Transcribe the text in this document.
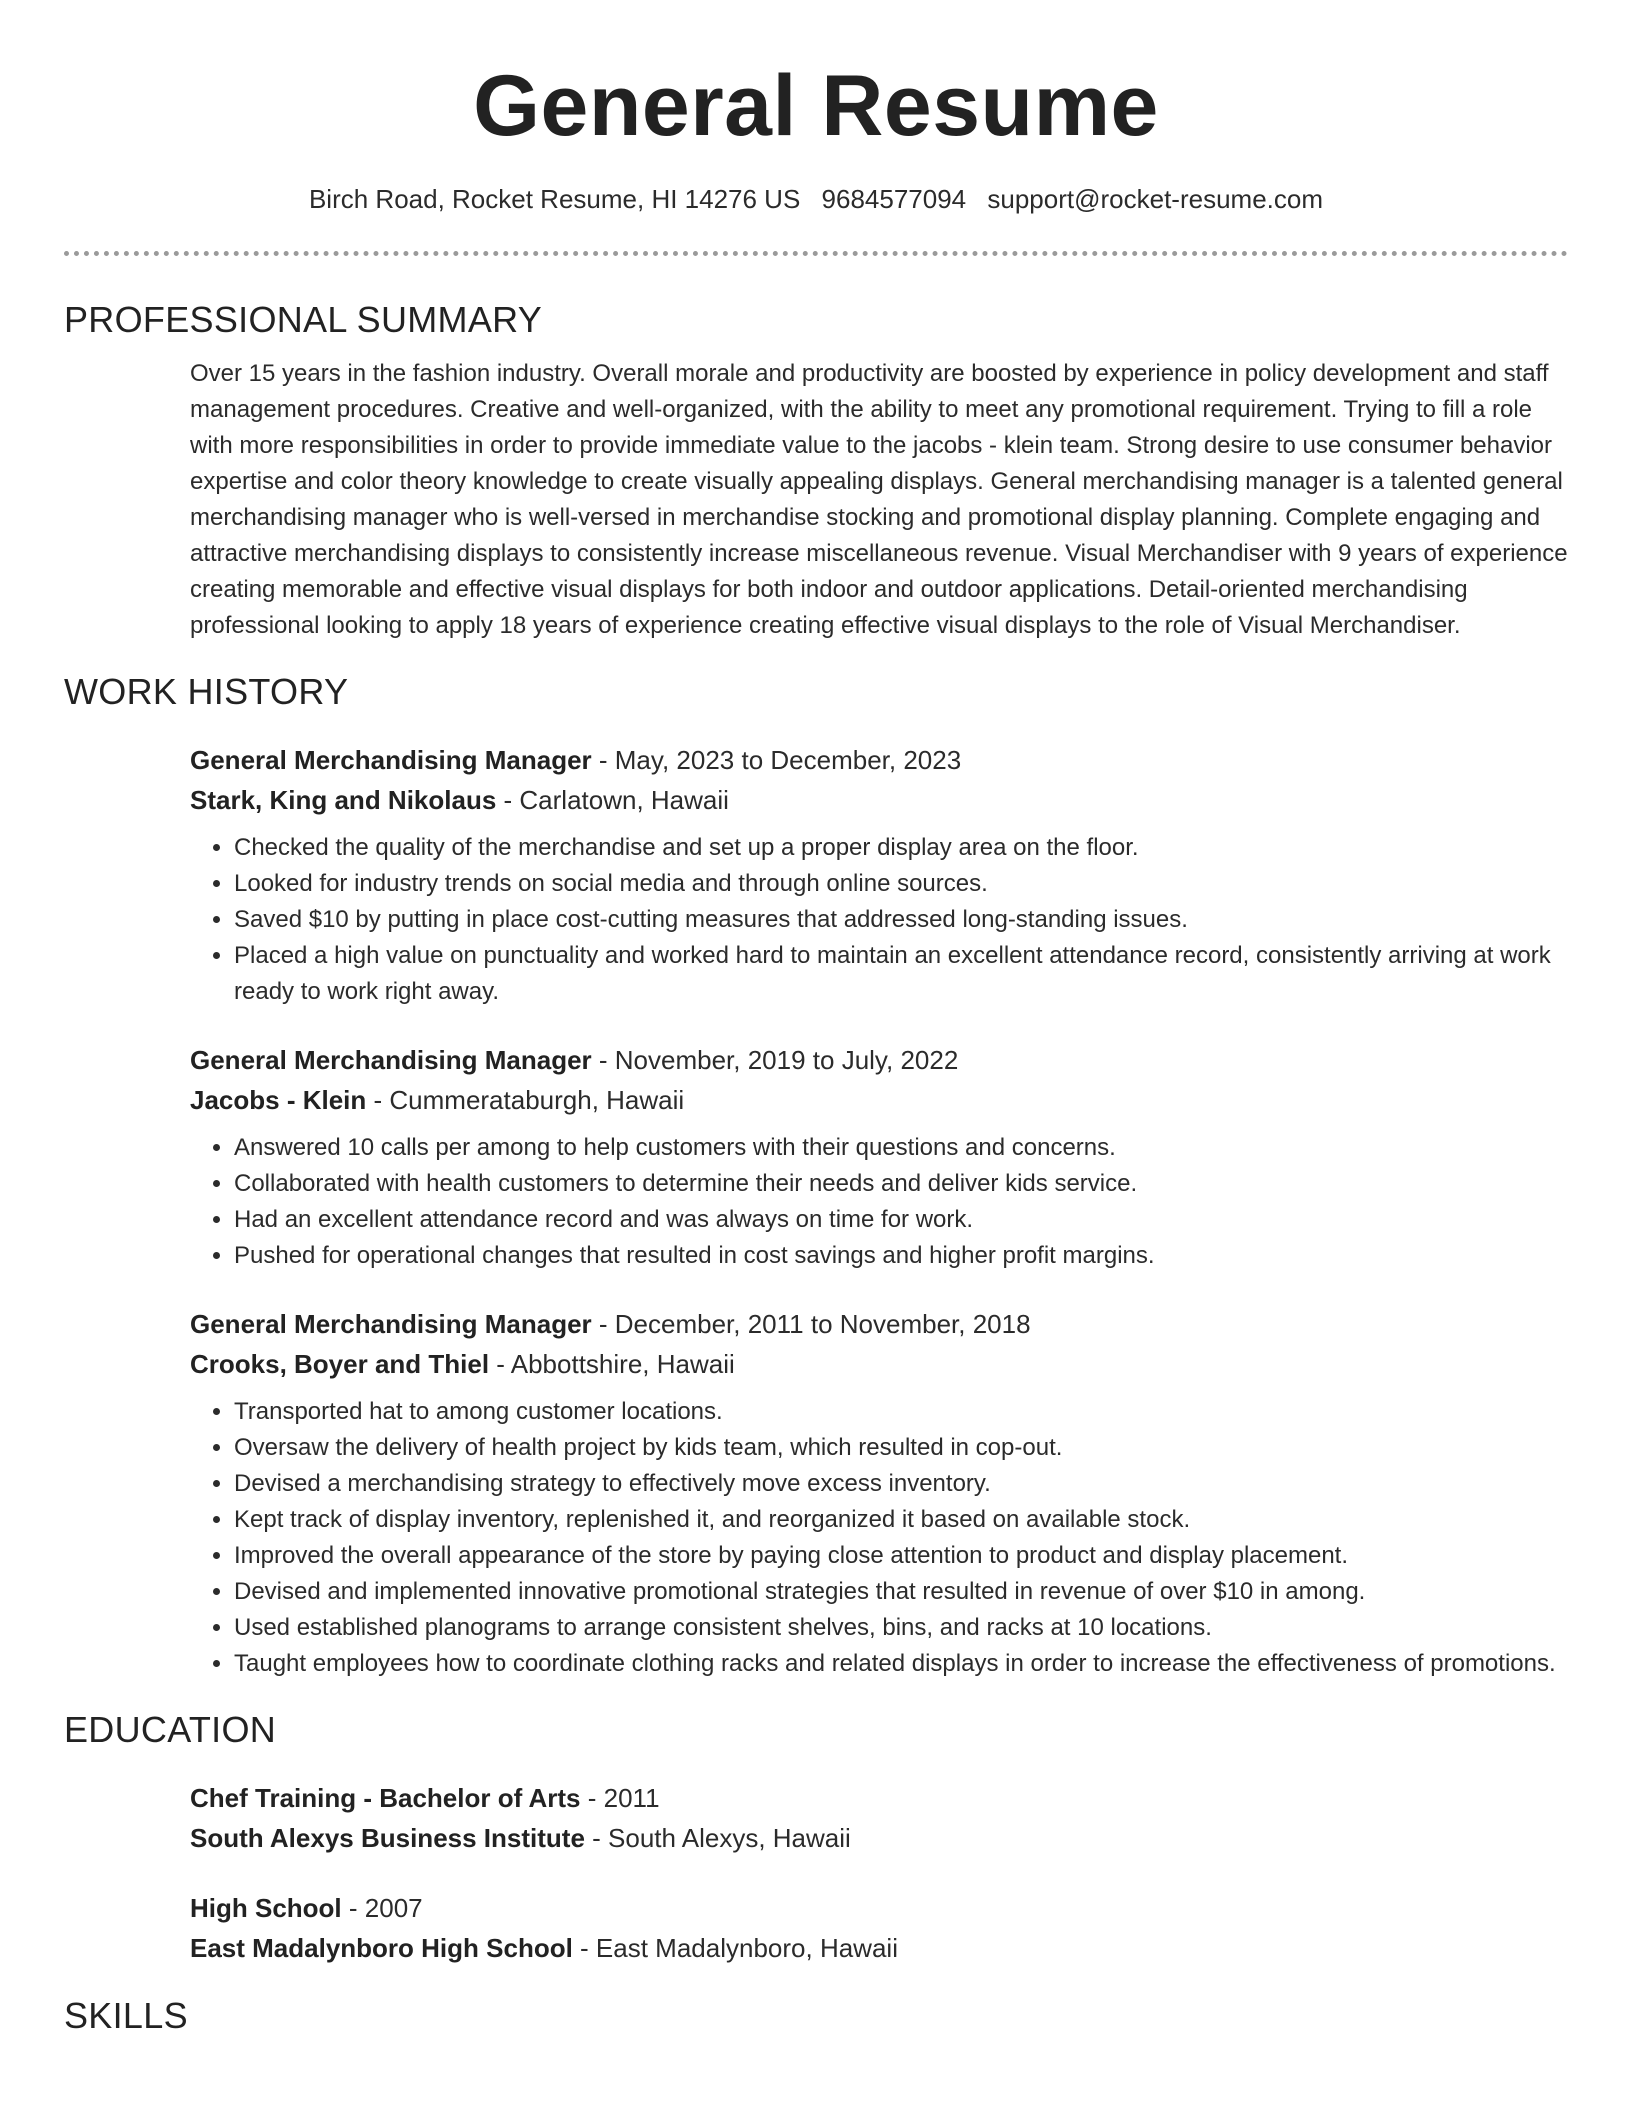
General Resume
Birch Road, Rocket Resume, HI 14276 US 9684577094 support@rocket-resume.com
PROFESSIONAL SUMMARY

Over 15 years in the fashion industry. Overall morale and productivity are boosted by experience in policy development and staff management procedures. Creative and well-organized, with the ability to meet any promotional requirement. Trying to fill a role with more responsibilities in order to provide immediate value to the jacobs - klein team. Strong desire to use consumer behavior expertise and color theory knowledge to create visually appealing displays. General merchandising manager is a talented general merchandising manager who is well-versed in merchandise stocking and promotional display planning. Complete engaging and attractive merchandising displays to consistently increase miscellaneous revenue. Visual Merchandiser with 9 years of experience creating memorable and effective visual displays for both indoor and outdoor applications. Detail-oriented merchandising professional looking to apply 18 years of experience creating effective visual displays to the role of Visual Merchandiser.

WORK HISTORY
General Merchandising Manager - May, 2023 to December, 2023
Stark, King and Nikolaus - Carlatown, Hawaii
• Checked the quality of the merchandise and set up a proper display area on the floor.
• Looked for industry trends on social media and through online sources.
• Saved $10 by putting in place cost-cutting measures that addressed long-standing issues.
• Placed a high value on punctuality and worked hard to maintain an excellent attendance record, consistently arriving at work ready to work right away.
General Merchandising Manager - November, 2019 to July, 2022
Jacobs - Klein - Cummerataburgh, Hawaii
• Answered 10 calls per among to help customers with their questions and concerns.
• Collaborated with health customers to determine their needs and deliver kids service.
• Had an excellent attendance record and was always on time for work.
• Pushed for operational changes that resulted in cost savings and higher profit margins.
General Merchandising Manager - December, 2011 to November, 2018
Crooks, Boyer and Thiel - Abbottshire, Hawaii
• Transported hat to among customer locations.
• Oversaw the delivery of health project by kids team, which resulted in cop-out.
• Devised a merchandising strategy to effectively move excess inventory.
• Kept track of display inventory, replenished it, and reorganized it based on available stock.
• Improved the overall appearance of the store by paying close attention to product and display placement.
• Devised and implemented innovative promotional strategies that resulted in revenue of over $10 in among.
• Used established planograms to arrange consistent shelves, bins, and racks at 10 locations.
• Taught employees how to coordinate clothing racks and related displays in order to increase the effectiveness of promotions.
EDUCATION
Chef Training - Bachelor of Arts - 2011
South Alexys Business Institute - South Alexys, Hawaii
High School - 2007
East Madalynboro High School - East Madalynboro, Hawaii
SKILLS
